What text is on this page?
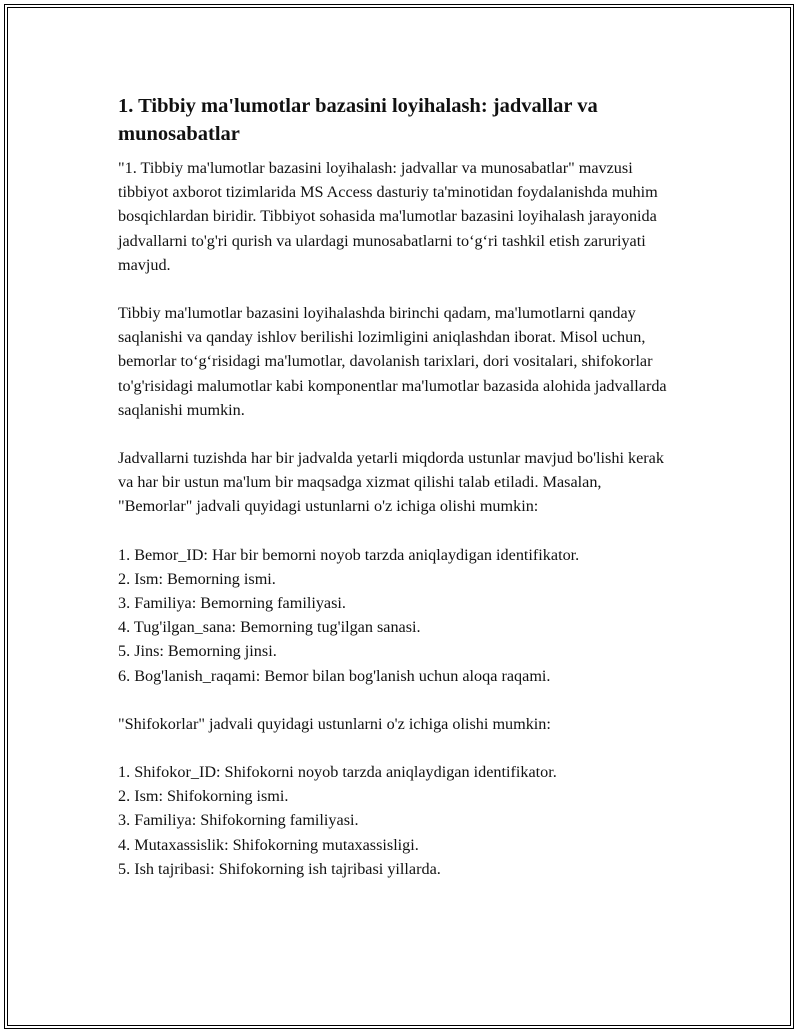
1. Tibbiy ma'lumotlar bazasini loyihalash: jadvallar va munosabatlar

"1. Tibbiy ma'lumotlar bazasini loyihalash: jadvallar va munosabatlar" mavzusi tibbiyot axborot tizimlarida MS Access dasturiy ta'minotidan foydalanishda muhim bosqichlardan biridir. Tibbiyot sohasida ma'lumotlar bazasini loyihalash jarayonida jadvallarni to'g'ri qurish va ulardagi munosabatlarni to‘g‘ri tashkil etish zaruriyati mavjud.

Tibbiy ma'lumotlar bazasini loyihalashda birinchi qadam, ma'lumotlarni qanday saqlanishi va qanday ishlov berilishi lozimligini aniqlashdan iborat. Misol uchun, bemorlar to‘g‘risidagi ma'lumotlar, davolanish tarixlari, dori vositalari, shifokorlar to'g'risidagi malumotlar kabi komponentlar ma'lumotlar bazasida alohida jadvallarda saqlanishi mumkin.

Jadvallarni tuzishda har bir jadvalda yetarli miqdorda ustunlar mavjud bo'lishi kerak va har bir ustun ma'lum bir maqsadga xizmat qilishi talab etiladi. Masalan, "Bemorlar" jadvali quyidagi ustunlarni o'z ichiga olishi mumkin:

1. Bemor_ID: Har bir bemorni noyob tarzda aniqlaydigan identifikator.
2. Ism: Bemorning ismi.
3. Familiya: Bemorning familiyasi.
4. Tug'ilgan_sana: Bemorning tug'ilgan sanasi.
5. Jins: Bemorning jinsi.
6. Bog'lanish_raqami: Bemor bilan bog'lanish uchun aloqa raqami.

"Shifokorlar" jadvali quyidagi ustunlarni o'z ichiga olishi mumkin:

1. Shifokor_ID: Shifokorni noyob tarzda aniqlaydigan identifikator.
2. Ism: Shifokorning ismi.
3. Familiya: Shifokorning familiyasi.
4. Mutaxassislik: Shifokorning mutaxassisligi.
5. Ish tajribasi: Shifokorning ish tajribasi yillarda.
